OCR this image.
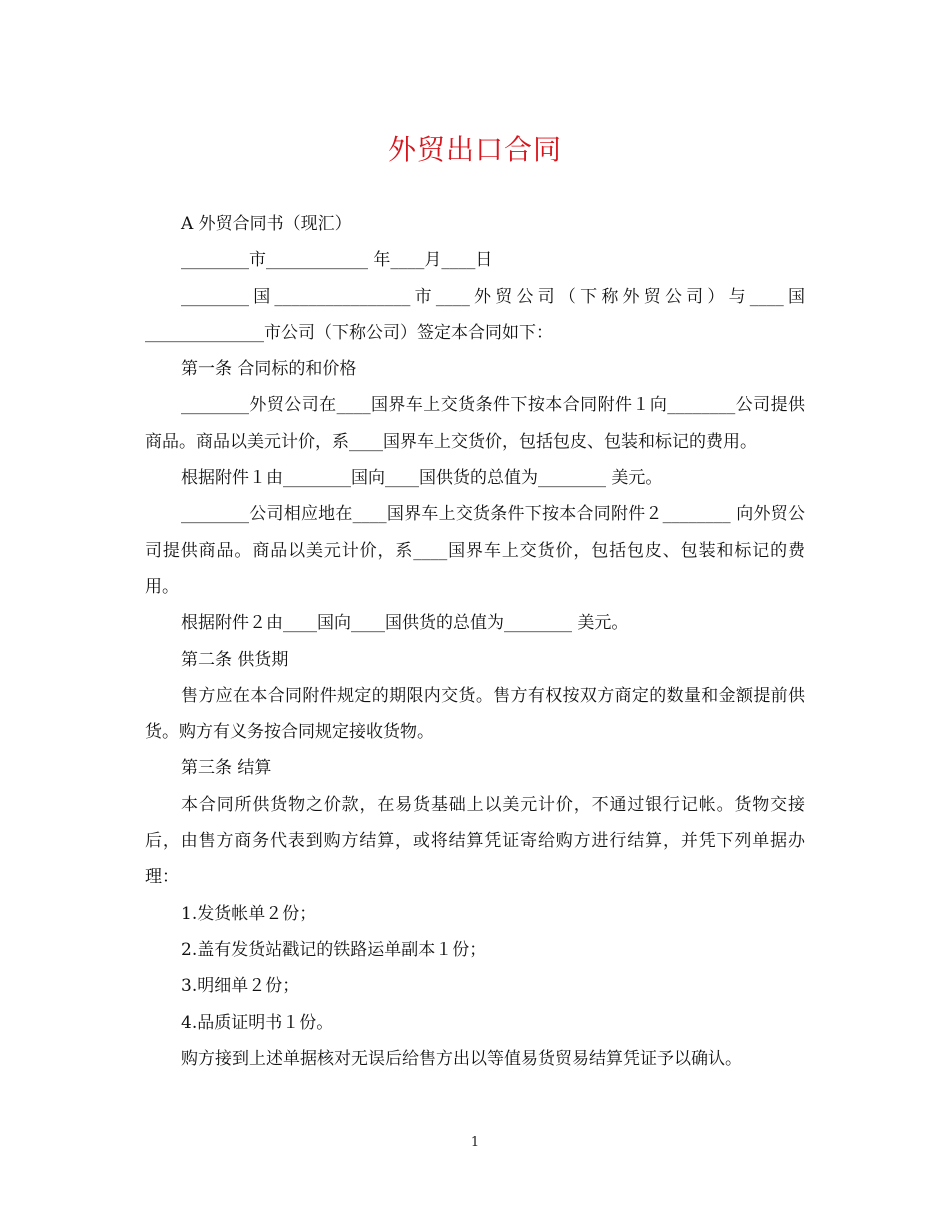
外贸出口合同

A 外贸合同书（现汇）

________市____________ 年____月____日

________国________________市____外贸公司（下称外贸公司）与____国______________市公司（下称公司）签定本合同如下：

第一条 合同标的和价格

________外贸公司在____国界车上交货条件下按本合同附件１向________公司提供商品。商品以美元计价，系____国界车上交货价，包括包皮、包装和标记的费用。

根据附件１由________国向____国供货的总值为________ 美元。

________公司相应地在____国界车上交货条件下按本合同附件２________ 向外贸公司提供商品。商品以美元计价，系____国界车上交货价，包括包皮、包装和标记的费用。

根据附件２由____国向____国供货的总值为________ 美元。

第二条 供货期

售方应在本合同附件规定的期限内交货。售方有权按双方商定的数量和金额提前供货。购方有义务按合同规定接收货物。

第三条 结算

本合同所供货物之价款，在易货基础上以美元计价，不通过银行记帐。货物交接后，由售方商务代表到购方结算，或将结算凭证寄给购方进行结算，并凭下列单据办理：

1.发货帐单２份；

2.盖有发货站戳记的铁路运单副本１份；

3.明细单２份；

4.品质证明书１份。

购方接到上述单据核对无误后给售方出以等值易货贸易结算凭证予以确认。

1
